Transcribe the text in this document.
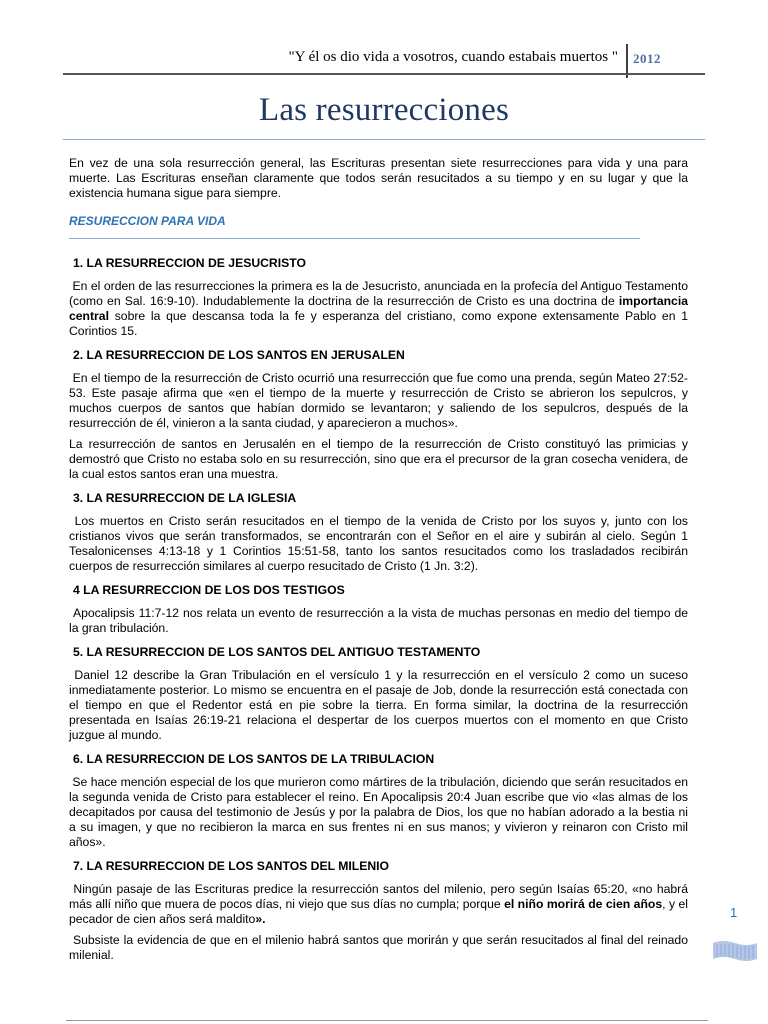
"Y él os dio vida a vosotros, cuando estabais muertos " 2012
Las resurrecciones

En vez de una sola resurrección general, las Escrituras presentan siete resurrecciones para vida y una para muerte. Las Escrituras enseñan claramente que todos serán resucitados a su tiempo y en su lugar y que la existencia humana sigue para siempre.

RESURECCION PARA VIDA
1. LA RESURRECCION DE JESUCRISTO

En el orden de las resurrecciones la primera es la de Jesucristo, anunciada en la profecía del Antiguo Testamento (como en Sal. 16:9-10). Indudablemente la doctrina de la resurrección de Cristo es una doctrina de importancia central sobre la que descansa toda la fe y esperanza del cristiano, como expone extensamente Pablo en 1 Corintios 15.

2. LA RESURRECCION DE LOS SANTOS EN JERUSALEN

En el tiempo de la resurrección de Cristo ocurrió una resurrección que fue como una prenda, según Mateo 27:52-53. Este pasaje afirma que «en el tiempo de la muerte y resurrección de Cristo se abrieron los sepulcros, y muchos cuerpos de santos que habían dormido se levantaron; y saliendo de los sepulcros, después de la resurrección de él, vinieron a la santa ciudad, y aparecieron a muchos».

La resurrección de santos en Jerusalén en el tiempo de la resurrección de Cristo constituyó las primicias y demostró que Cristo no estaba solo en su resurrección, sino que era el precursor de la gran cosecha venidera, de la cual estos santos eran una muestra.

3. LA RESURRECCION DE LA IGLESIA

Los muertos en Cristo serán resucitados en el tiempo de la venida de Cristo por los suyos y, junto con los cristianos vivos que serán transformados, se encontrarán con el Señor en el aire y subirán al cielo. Según 1 Tesalonicenses 4:13-18 y 1 Corintios 15:51-58, tanto los santos resucitados como los trasladados recibirán cuerpos de resurrección similares al cuerpo resucitado de Cristo (1 Jn. 3:2).

4 LA RESURRECCION DE LOS DOS TESTIGOS

Apocalipsis 11:7-12 nos relata un evento de resurrección a la vista de muchas personas en medio del tiempo de la gran tribulación.

5. LA RESURRECCION DE LOS SANTOS DEL ANTIGUO TESTAMENTO

Daniel 12 describe la Gran Tribulación en el versículo 1 y la resurrección en el versículo 2 como un suceso inmediatamente posterior. Lo mismo se encuentra en el pasaje de Job, donde la resurrección está conectada con el tiempo en que el Redentor está en pie sobre la tierra. En forma similar, la doctrina de la resurrección presentada en Isaías 26:19-21 relaciona el despertar de los cuerpos muertos con el momento en que Cristo juzgue al mundo.

6. LA RESURRECCION DE LOS SANTOS DE LA TRIBULACION

Se hace mención especial de los que murieron como mártires de la tribulación, diciendo que serán resucitados en la segunda venida de Cristo para establecer el reino. En Apocalipsis 20:4 Juan escribe que vio «las almas de los decapitados por causa del testimonio de Jesús y por la palabra de Dios, los que no habían adorado a la bestia ni a su imagen, y que no recibieron la marca en sus frentes ni en sus manos; y vivieron y reinaron con Cristo mil años».

7. LA RESURRECCION DE LOS SANTOS DEL MILENIO

Ningún pasaje de las Escrituras predice la resurrección santos del milenio, pero según Isaías 65:20, «no habrá más allí niño que muera de pocos días, ni viejo que sus días no cumpla; porque el niño morirá de cien años, y el pecador de cien años será maldito».

Subsiste la evidencia de que en el milenio habrá santos que morirán y que serán resucitados al final del reinado milenial.

1
